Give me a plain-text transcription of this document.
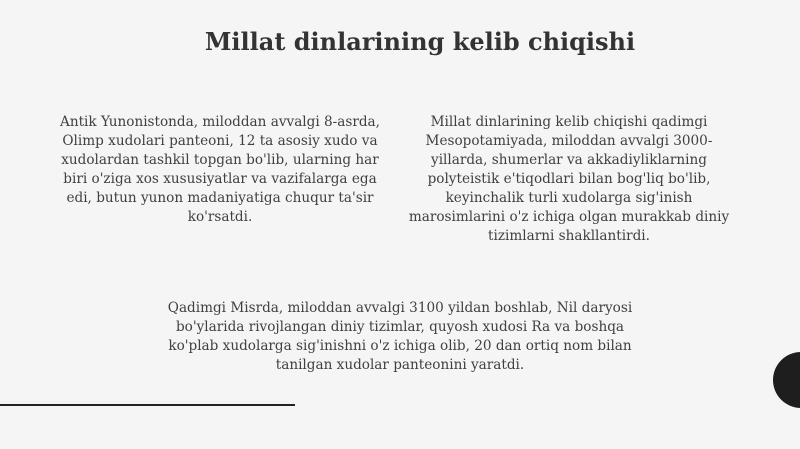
Millat dinlarining kelib chiqishi

Antik Yunonistonda, miloddan avvalgi 8-asrda, Olimp xudolari panteoni, 12 ta asosiy xudo va xudolardan tashkil topgan bo'lib, ularning har biri o'ziga xos xususiyatlar va vazifalarga ega edi, butun yunon madaniyatiga chuqur ta'sir ko'rsatdi.

Millat dinlarining kelib chiqishi qadimgi Mesopotamiyada, miloddan avvalgi 3000-yillarda, shumerlar va akkadiyliklarning polyteistik e'tiqodlari bilan bog'liq bo'lib, keyinchalik turli xudolarga sig'inish marosimlarini o'z ichiga olgan murakkab diniy tizimlarni shakllantirdi.

Qadimgi Misrda, miloddan avvalgi 3100 yildan boshlab, Nil daryosi bo'ylarida rivojlangan diniy tizimlar, quyosh xudosi Ra va boshqa ko'plab xudolarga sig'inishni o'z ichiga olib, 20 dan ortiq nom bilan tanilgan xudolar panteonini yaratdi.
